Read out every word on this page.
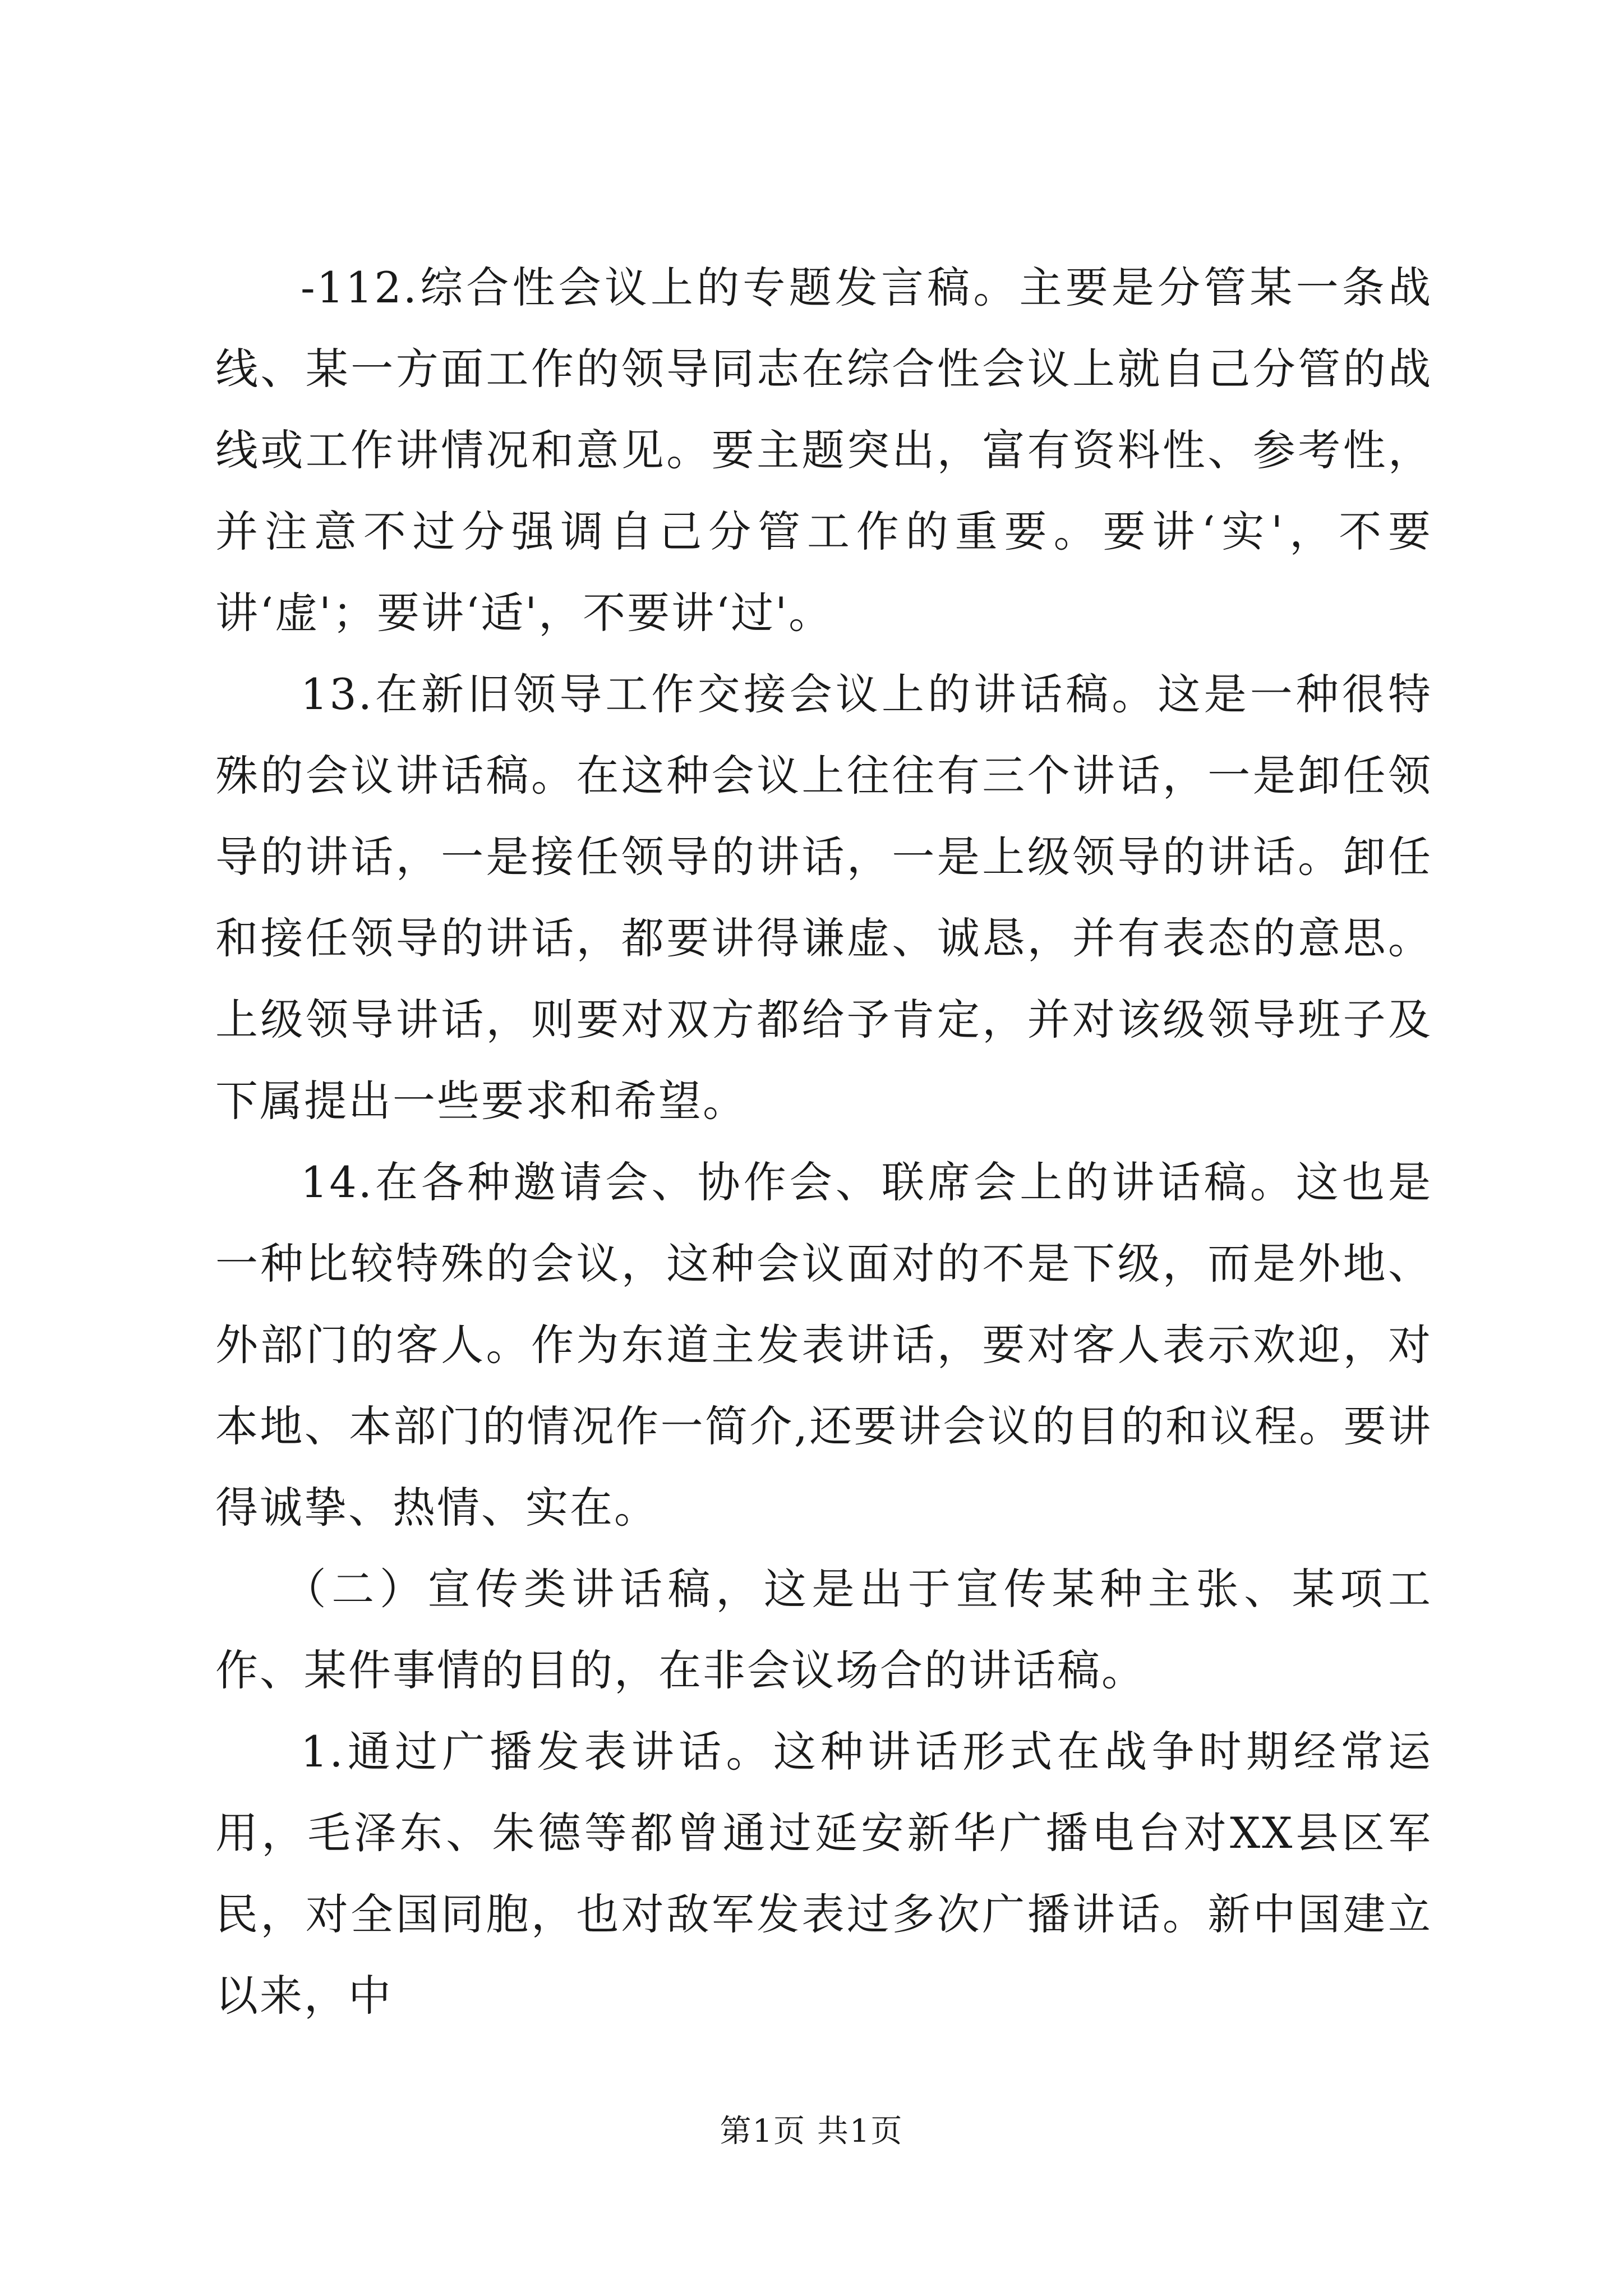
-112.综合性会议上的专题发言稿。主要是分管某一条战线、某一方面工作的领导同志在综合性会议上就自己分管的战线或工作讲情况和意见。要主题突出，富有资料性、参考性，并注意不过分强调自己分管工作的重要。要讲‘实'，不要讲‘虚'；要讲‘适'，不要讲‘过'。

13.在新旧领导工作交接会议上的讲话稿。这是一种很特殊的会议讲话稿。在这种会议上往往有三个讲话，一是卸任领导的讲话，一是接任领导的讲话，一是上级领导的讲话。卸任和接任领导的讲话，都要讲得谦虚、诚恳，并有表态的意思。上级领导讲话，则要对双方都给予肯定，并对该级领导班子及下属提出一些要求和希望。

14.在各种邀请会、协作会、联席会上的讲话稿。这也是一种比较特殊的会议，这种会议面对的不是下级，而是外地、外部门的客人。作为东道主发表讲话，要对客人表示欢迎，对本地、本部门的情况作一简介,还要讲会议的目的和议程。要讲得诚挚、热情、实在。

（二）宣传类讲话稿，这是出于宣传某种主张、某项工作、某件事情的目的，在非会议场合的讲话稿。

1.通过广播发表讲话。这种讲话形式在战争时期经常运用，毛泽东、朱德等都曾通过延安新华广播电台对XX县区军民，对全国同胞，也对敌军发表过多次广播讲话。新中国建立以来，中

第1页 共1页
